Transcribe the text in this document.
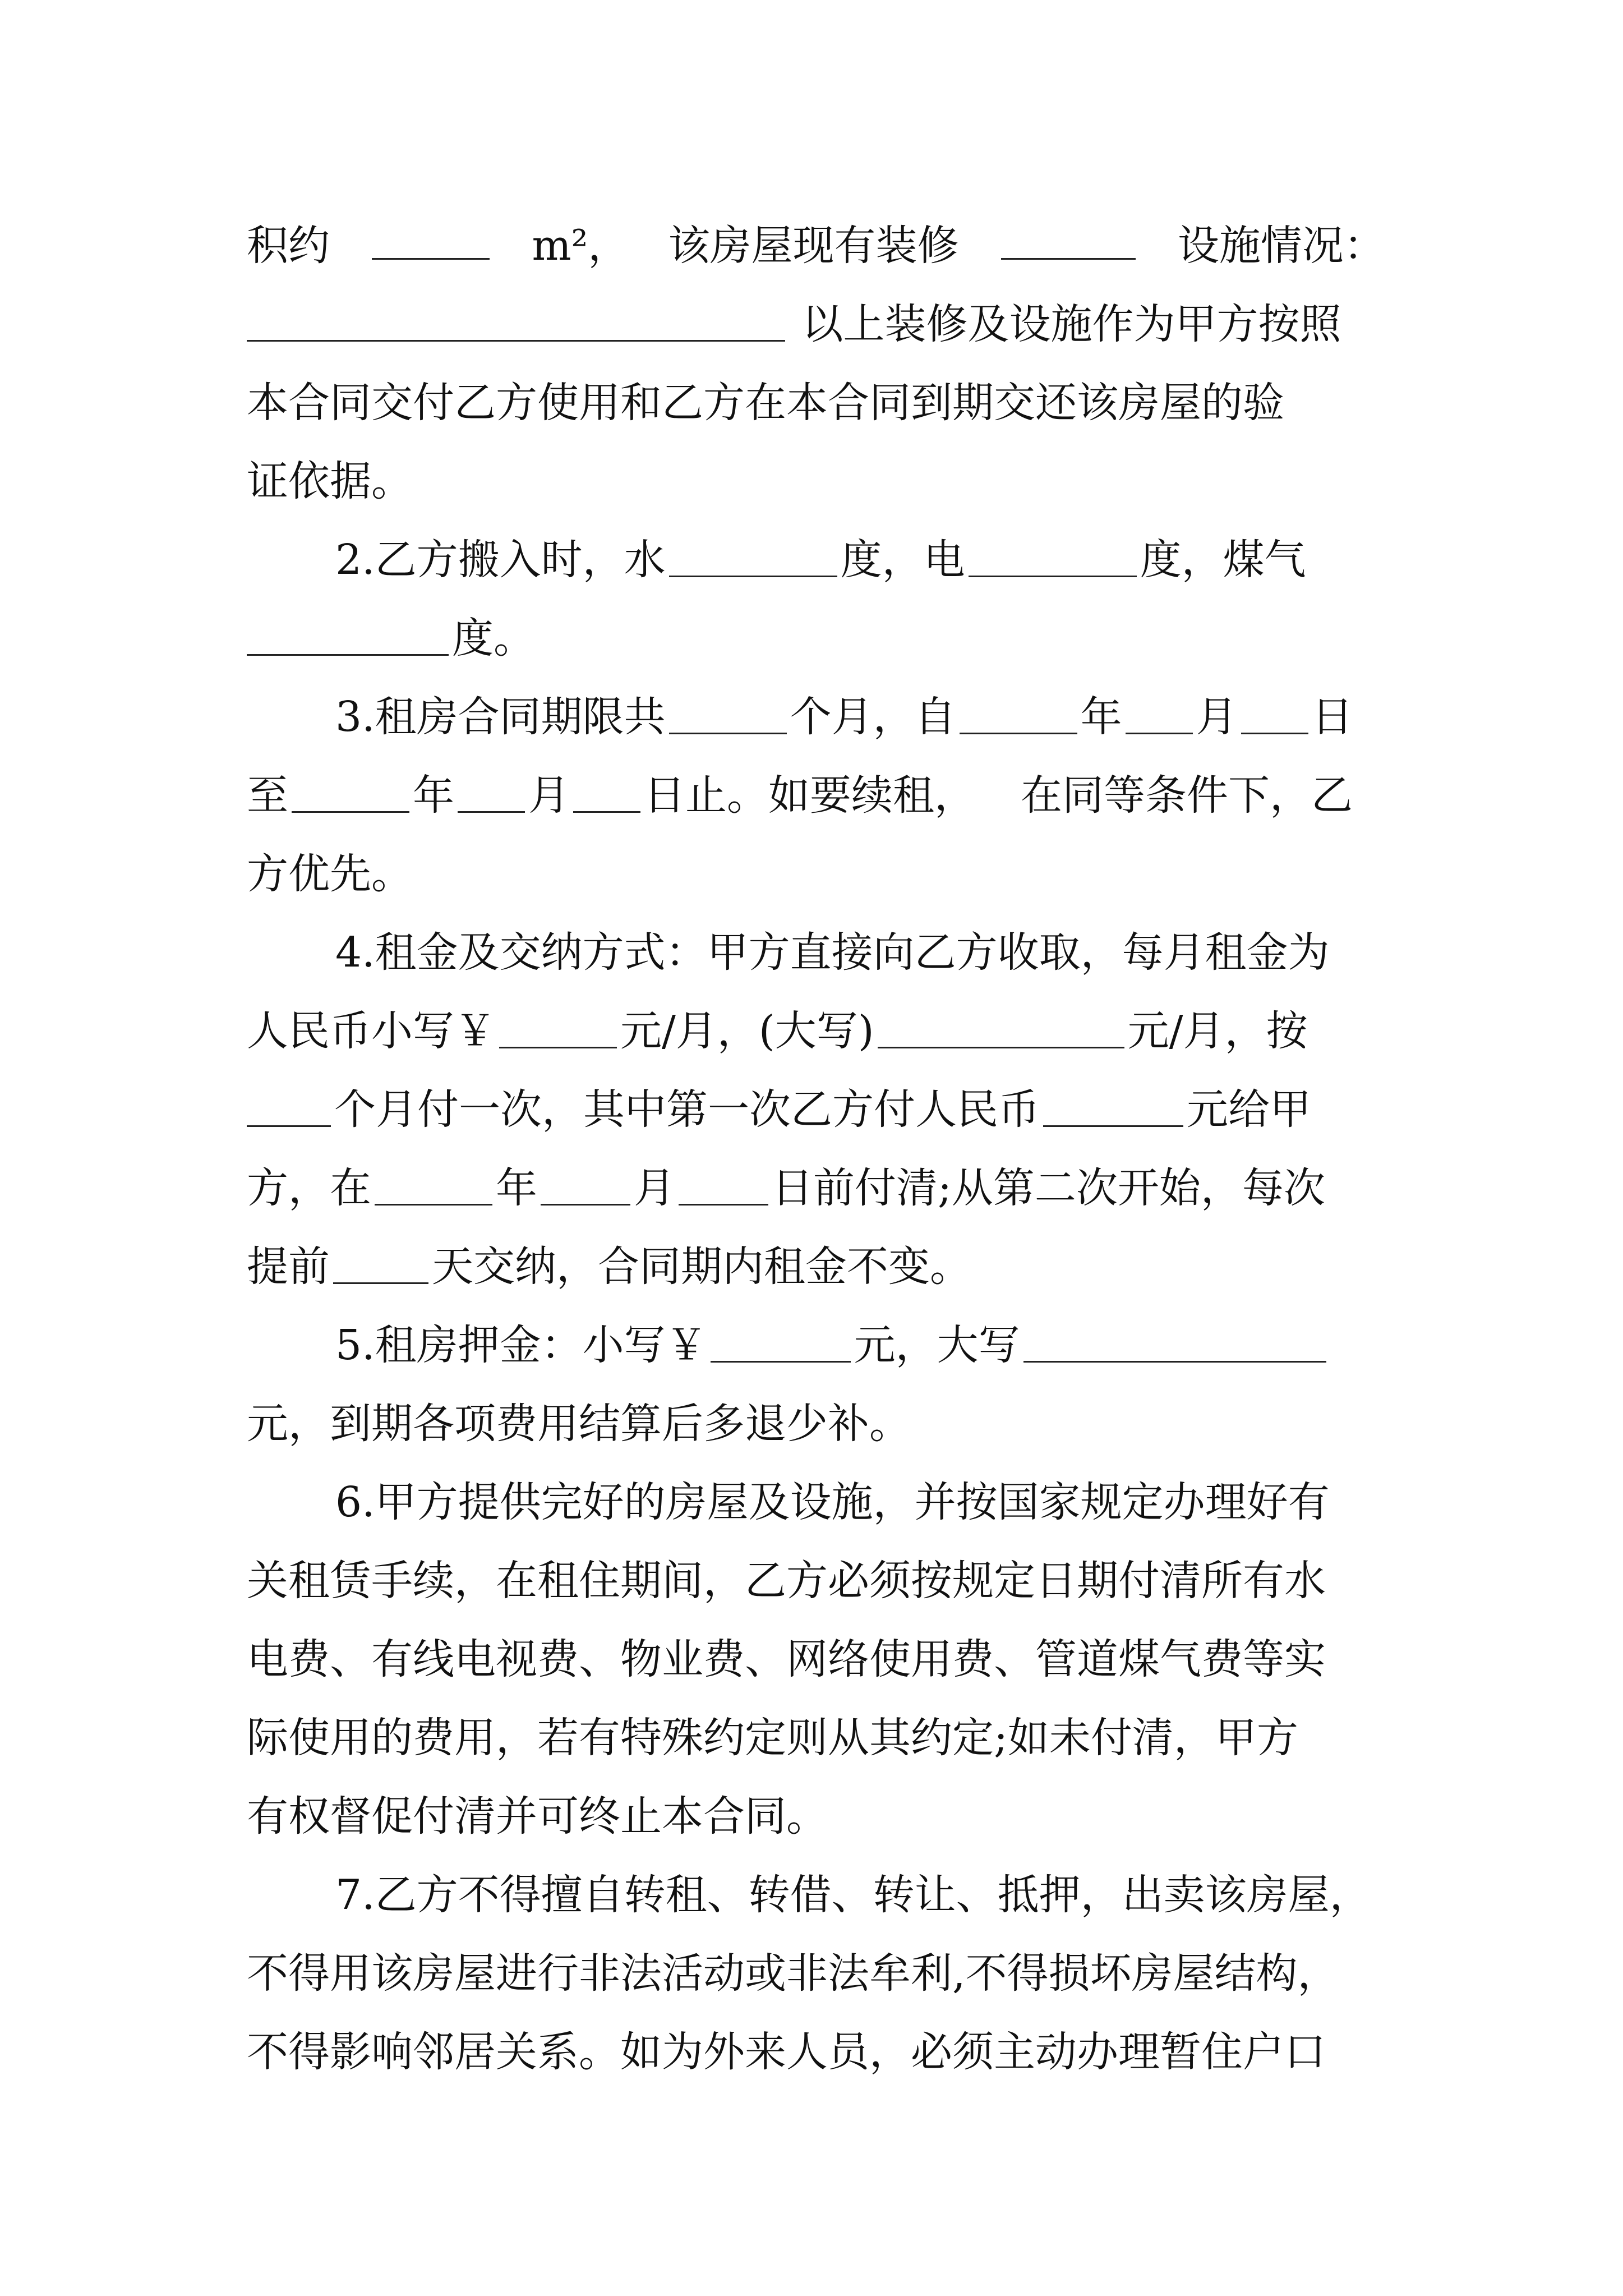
积约	m²， 该房屋现有装修	设施情况：
以上装修及设施作为甲方按照
本合同交付乙方使用和乙方在本合同到期交还该房屋的验
证依据。
2.乙方搬入时，水	度，电	度，煤气
度。
3.租房合同期限共	个月，自	年 月 日
至	年 月 日止。如要续租， 在同等条件下，乙
方优先。
4.租金及交纳方式：甲方直接向乙方收取，每月租金为
人民币小写￥	元/月，(大写)	元/月，按
个月付一次，其中第一次乙方付人民币	元给甲
方，在	年 月 日前付清;从第二次开始，每次
提前 天交纳，合同期内租金不变。
5.租房押金：小写￥	元，大写
元，到期各项费用结算后多退少补。
6.甲方提供完好的房屋及设施，并按国家规定办理好有
关租赁手续，在租住期间，乙方必须按规定日期付清所有水
电费、有线电视费、物业费、网络使用费、管道煤气费等实
际使用的费用，若有特殊约定则从其约定;如未付清，甲方
有权督促付清并可终止本合同。
7.乙方不得擅自转租、转借、转让、抵押，出卖该房屋，
不得用该房屋进行非法活动或非法牟利,不得损坏房屋结构，
不得影响邻居关系。如为外来人员，必须主动办理暂住户口
